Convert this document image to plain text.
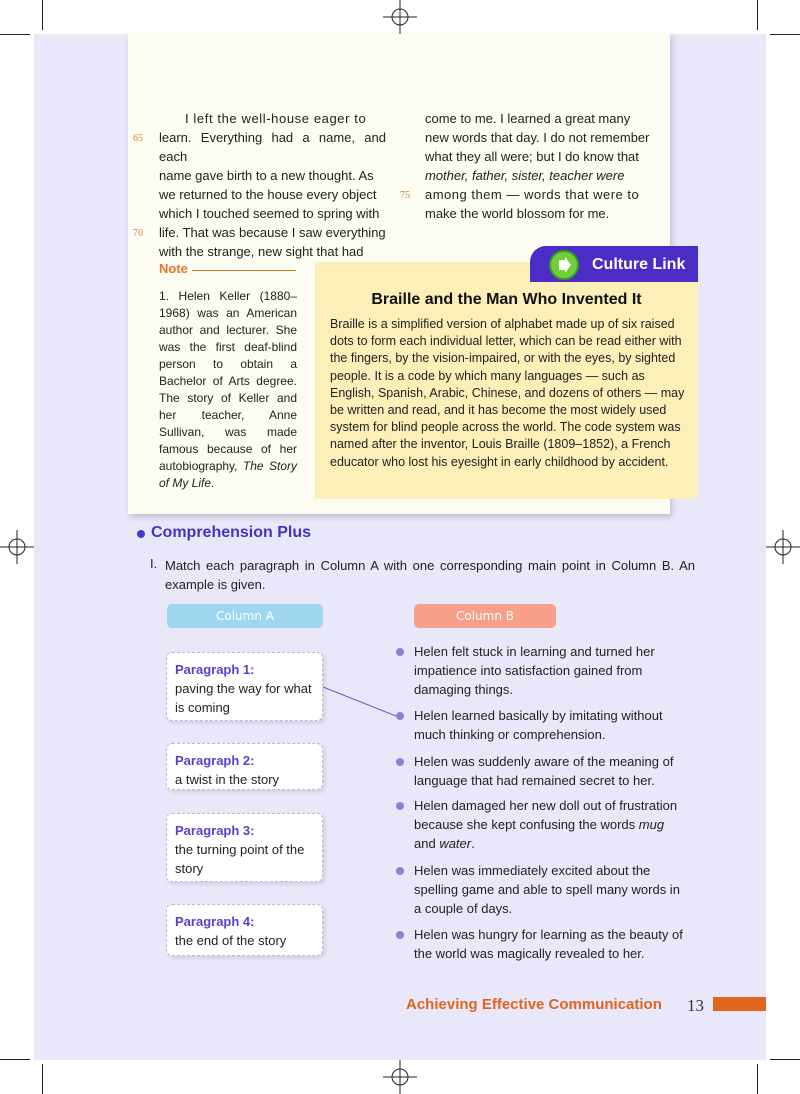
I left the well-house eager to

learn. Everything had a name, and each

name gave birth to a new thought. As

we returned to the house every object

which I touched seemed to spring with

life. That was because I saw everything

with the strange, new sight that had

come to me. I learned a great many

new words that day. I do not remember

what they all were; but I do know that

mother, father, sister, teacher were

among them — words that were to

make the world blossom for me.

65
70
75
Note
1. Helen Keller (1880–1968) was an American author and lecturer. She was the first deaf-blind person to obtain a Bachelor of Arts degree. The story of Keller and her teacher, Anne Sullivan, was made famous because of her autobiography, The Story of My Life.
Culture Link
Braille and the Man Who Invented It
Braille is a simplified version of alphabet made up of six raised dots to form each individual letter, which can be read either with the fingers, by the vision-impaired, or with the eyes, by sighted people. It is a code by which many languages — such as English, Spanish, Arabic, Chinese, and dozens of others — may be written and read, and it has become the most widely used system for blind people across the world. The code system was named after the inventor, Louis Braille (1809–1852), a French educator who lost his eyesight in early childhood by accident.
Comprehension Plus
I. Match each paragraph in Column A with one corresponding main point in Column B. An example is given.
Column A	Column B
Paragraph 1:
paving the way for what is coming
Paragraph 2:
a twist in the story
Paragraph 3:
the turning point of the story
Paragraph 4:
the end of the story
Helen felt stuck in learning and turned her impatience into satisfaction gained from damaging things.
Helen learned basically by imitating without much thinking or comprehension.
Helen was suddenly aware of the meaning of language that had remained secret to her.
Helen damaged her new doll out of frustration because she kept confusing the words mug and water.
Helen was immediately excited about the spelling game and able to spell many words in a couple of days.
Helen was hungry for learning as the beauty of the world was magically revealed to her.
Achieving Effective Communication 13
